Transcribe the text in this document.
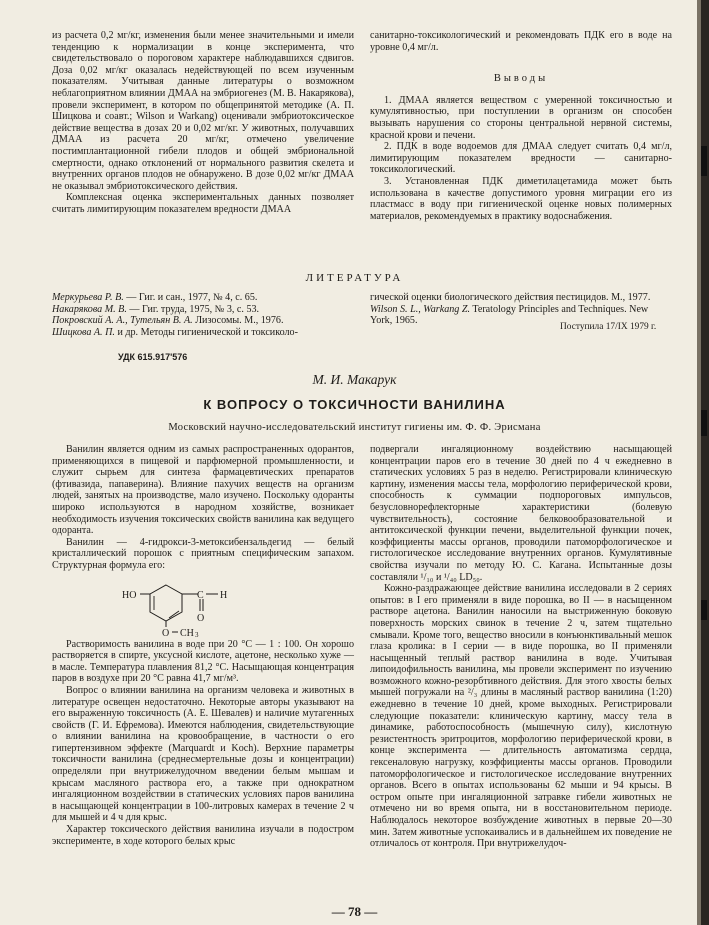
из расчета 0,2 мг/кг, изменения были менее значительными и имели тенденцию к нормализации в конце эксперимента, что свидетельствовало о пороговом характере наблюдавшихся сдвигов. Доза 0,02 мг/кг оказалась недействующей по всем изученным показателям. Учитывая данные литературы о возможном неблагоприятном влиянии ДМАА на эмбриогенез (М. В. Накарякова), провели эксперимент, в котором по общепринятой методике (А. П. Шицкова и соавт.; Wilson и Warkang) оценивали эмбриотоксическое действие вещества в дозах 20 и 0,02 мг/кг. У животных, получавших ДМАА из расчета 20 мг/кг, отмечено увеличение постимплантационной гибели плодов и общей эмбриональной смертности, однако отклонений от нормального развития скелета и внутренних органов плодов не обнаружено. В дозе 0,02 мг/кг ДМАА не оказывал эмбриотоксического действия.

Комплексная оценка экспериментальных данных позволяет считать лимитирующим показателем вредности ДМАА

санитарно-токсикологический и рекомендовать ПДК его в воде на уровне 0,4 мг/л.

Выводы

1. ДМАА является веществом с умеренной токсичностью и кумулятивностью, при поступлении в организм он способен вызывать нарушения со стороны центральной нервной системы, красной крови и печени.

2. ПДК в воде водоемов для ДМАА следует считать 0,4 мг/л, лимитирующим показателем вредности — санитарно-токсикологический.

3. Установленная ПДК диметилацетамида может быть использована в качестве допустимого уровня миграции его из пластмасс в воду при гигиенической оценке новых полимерных материалов, рекомендуемых в практику водоснабжения.

ЛИТЕРАТУРА

Меркурьева Р. В. — Гиг. и сан., 1977, № 4, с. 65.

Накарякова М. В. — Гиг. труда, 1975, № 3, с. 53.

Покровский А. А., Тутельян В. А. Лизосомы. М., 1976.

Шицкова А. П. и др. Методы гигиенической и токсиколо-

гической оценки биологического действия пестицидов. М., 1977.

Wilson S. L., Warkang Z. Teratology Principles and Techniques. New York, 1965.

Поступила 17/IX 1979 г.
УДК 615.917'576
М. И. Макарук
К ВОПРОСУ О ТОКСИЧНОСТИ ВАНИЛИНА
Московский научно-исследовательский институт гигиены им. Ф. Ф. Эрисмана

Ванилин является одним из самых распространенных одорантов, применяющихся в пищевой и парфюмерной промышленности, и служит сырьем для синтеза фармацевтических препаратов (фтивазида, папаверина). Влияние пахучих веществ на организм людей, занятых на производстве, мало изучено. Поскольку одоранты широко используются в народном хозяйстве, возникает необходимость изучения токсических свойств ванилина как ведущего одоранта.

Ванилин — 4-гидрокси-3-метоксибензальдегид — белый кристаллический порошок с приятным специфическим запахом. Структурная формула его:

HO	C H
O
O CH 3

Растворимость ванилина в воде при 20 °С — 1 : 100. Он хорошо растворяется в спирте, уксусной кислоте, ацетоне, несколько хуже — в масле. Температура плавления 81,2 °С. Насыщающая концентрация паров в воздухе при 20 °С равна 41,7 мг/м³.

Вопрос о влиянии ванилина на организм человека и животных в литературе освещен недостаточно. Некоторые авторы указывают на его выраженную токсичность (А. Е. Шевалев) и наличие мутагенных свойств (Г. И. Ефремова). Имеются наблюдения, свидетельствующие о влиянии ванилина на кровообращение, в частности о его гипертензивном эффекте (Marquardt и Koch). Верхние параметры токсичности ванилина (среднесмертельные дозы и концентрации) определяли при внутрижелудочном введении белым мышам и крысам масляного раствора его, а также при однократном ингаляционном воздействии в статических условиях паров ванилина в насыщающей концентрации в 100-литровых камерах в течение 2 ч для мышей и 4 ч для крыс.

Характер токсического действия ванилина изучали в подостром эксперименте, в ходе которого белых крыс

подвергали ингаляционному воздействию насыщающей концентрации паров его в течение 30 дней по 4 ч ежедневно в статических условиях 5 раз в неделю. Регистрировали клиническую картину, изменения массы тела, морфологию периферической крови, способность к суммации подпороговых импульсов, безусловнорефлекторные характеристики (болевую чувствительность), состояние белковообразовательной и антитоксической функции печени, выделительной функции почек, коэффициенты массы органов, проводили патоморфологическое и гистологическое исследование внутренних органов. Кумулятивные свойства изучали по методу Ю. С. Кагана. Испытанные дозы составляли ¹/₁₀ и ¹/₄₀ LD₅₀.

Кожно-раздражающее действие ванилина исследовали в 2 сериях опытов: в I его применяли в виде порошка, во II — в насыщенном растворе ацетона. Ванилин наносили на выстриженную боковую поверхность морских свинок в течение 2 ч, затем тщательно смывали. Кроме того, вещество вносили в конъюнктивальный мешок глаза кролика: в I серии — в виде порошка, во II применяли насыщенный теплый раствор ванилина в воде. Учитывая липоидофильность ванилина, мы провели эксперимент по изучению возможного кожно-резорбтивного действия. Для этого хвосты белых мышей погружали на ²/₃ длины в масляный раствор ванилина (1:20) ежедневно в течение 10 дней, кроме выходных. Регистрировали следующие показатели: клиническую картину, массу тела в динамике, работоспособность (мышечную силу), кислотную резистентность эритроцитов, морфологию периферической крови, в конце эксперимента — длительность автоматизма сердца, гексеналовую нагрузку, коэффициенты массы органов. Проводили патоморфологическое и гистологическое исследование внутренних органов. Всего в опытах использованы 62 мыши и 94 крысы. В остром опыте при ингаляционной затравке гибели животных не отмечено ни во время опыта, ни в восстановительном периоде. Наблюдалось некоторое возбуждение животных в первые 20—30 мин. Затем животные успокаивались и в дальнейшем их поведение не отличалось от контроля. При внутрижелудоч-

— 78 —
